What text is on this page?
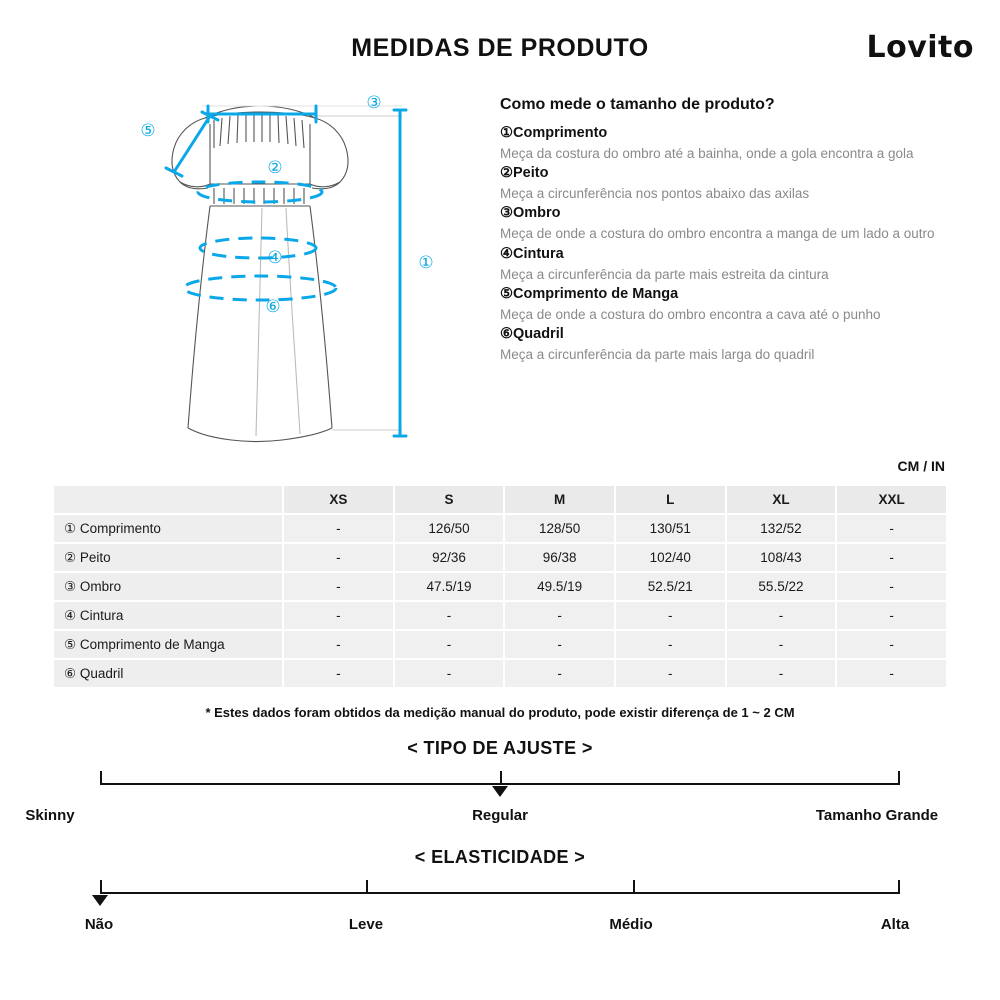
MEDIDAS DE PRODUTO	Lovito
③
⑤
②
④
⑥
①
Como mede o tamanho de produto?
①Comprimento
Meça da costura do ombro até a bainha, onde a gola encontra a gola
②Peito
Meça a circunferência nos pontos abaixo das axilas
③Ombro
Meça de onde a costura do ombro encontra a manga de um lado a outro
④Cintura
Meça a circunferência da parte mais estreita da cintura
⑤Comprimento de Manga
Meça de onde a costura do ombro encontra a cava até o punho
⑥Quadril
Meça a circunferência da parte mais larga do quadril
CM / IN
	XS	S	M	L	XL	XXL
① Comprimento	-	126/50	128/50	130/51	132/52	-
② Peito	-	92/36	96/38	102/40	108/43	-
③ Ombro	-	47.5/19	49.5/19	52.5/21	55.5/22	-
④ Cintura	-	-	-	-	-	-
⑤ Comprimento de Manga	-	-	-	-	-	-
⑥ Quadril	-	-	-	-	-	-
* Estes dados foram obtidos da medição manual do produto, pode existir diferença de 1 ~ 2 CM
< TIPO DE AJUSTE >
Skinny	Regular	Tamanho Grande
< ELASTICIDADE >
Não	Leve	Médio	Alta
